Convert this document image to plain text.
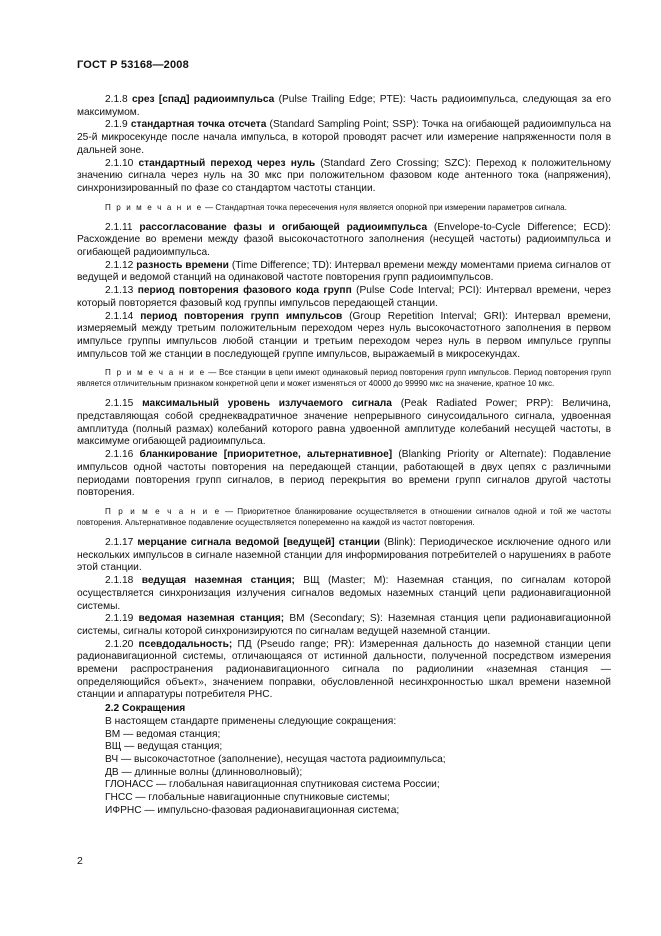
ГОСТ Р 53168—2008

2.1.8 срез [спад] радиоимпульса (Pulse Trailing Edge; PTE): Часть радиоимпульса, следующая за его максимумом.

2.1.9 стандартная точка отсчета (Standard Sampling Point; SSP): Точка на огибающей радиоимпульса на 25-й микросекунде после начала импульса, в которой проводят расчет или измерение напряженности поля в дальней зоне.

2.1.10 стандартный переход через нуль (Standard Zero Crossing; SZC): Переход к положительному значению сигнала через нуль на 30 мкс при положительном фазовом коде антенного тока (напряжения), синхронизированный по фазе со стандартом частоты станции.

П р и м е ч а н и е — Стандартная точка пересечения нуля является опорной при измерении параметров сигнала.

2.1.11 рассогласование фазы и огибающей радиоимпульса (Envelope-to-Cycle Difference; ECD): Расхождение во времени между фазой высокочастотного заполнения (несущей частоты) радиоимпульса и огибающей радиоимпульса.

2.1.12 разность времени (Time Difference; TD): Интервал времени между моментами приема сигналов от ведущей и ведомой станций на одинаковой частоте повторения групп радиоимпульсов.

2.1.13 период повторения фазового кода групп (Pulse Code Interval; PCI): Интервал времени, через который повторяется фазовый код группы импульсов передающей станции.

2.1.14 период повторения групп импульсов (Group Repetition Interval; GRI): Интервал времени, измеряемый между третьим положительным переходом через нуль высокочастотного заполнения в первом импульсе группы импульсов любой станции и третьим переходом через нуль в первом импульсе группы импульсов той же станции в последующей группе импульсов, выражаемый в микросекундах.

П р и м е ч а н и е — Все станции в цепи имеют одинаковый период повторения групп импульсов. Период повторения групп является отличительным признаком конкретной цепи и может изменяться от 40000 до 99990 мкс на значение, кратное 10 мкс.

2.1.15 максимальный уровень излучаемого сигнала (Peak Radiated Power; PRP): Величина, представляющая собой среднеквадратичное значение непрерывного синусоидального сигнала, удвоенная амплитуда (полный размах) колебаний которого равна удвоенной амплитуде колебаний несущей частоты, в максимуме огибающей радиоимпульса.

2.1.16 бланкирование [приоритетное, альтернативное] (Blanking Priority or Alternate): Подавление импульсов одной частоты повторения на передающей станции, работающей в двух цепях с различными периодами повторения групп сигналов, в период перекрытия во времени групп сигналов другой частоты повторения.

П р и м е ч а н и е — Приоритетное бланкирование осуществляется в отношении сигналов одной и той же частоты повторения. Альтернативное подавление осуществляется попеременно на каждой из частот повторения.

2.1.17 мерцание сигнала ведомой [ведущей] станции (Blink): Периодическое исключение одного или нескольких импульсов в сигнале наземной станции для информирования потребителей о нарушениях в работе этой станции.

2.1.18 ведущая наземная станция; ВЩ (Master; M): Наземная станция, по сигналам которой осуществляется синхронизация излучения сигналов ведомых наземных станций цепи радионавигационной системы.

2.1.19 ведомая наземная станция; ВМ (Secondary; S): Наземная станция цепи радионавигационной системы, сигналы которой синхронизируются по сигналам ведущей наземной станции.

2.1.20 псевдодальность; ПД (Pseudo range; PR): Измеренная дальность до наземной станции цепи радионавигационной системы, отличающаяся от истинной дальности, полученной посредством измерения времени распространения радионавигационного сигнала по радиолинии «наземная станция — определяющийся объект», значением поправки, обусловленной несинхронностью шкал времени наземной станции и аппаратуры потребителя РНС.

2.2 Сокращения

В настоящем стандарте применены следующие сокращения:

ВМ — ведомая станция;

ВЩ — ведущая станция;

ВЧ — высокочастотное (заполнение), несущая частота радиоимпульса;

ДВ — длинные волны (длинноволновый);

ГЛОНАСС — глобальная навигационная спутниковая система России;

ГНСС — глобальные навигационные спутниковые системы;

ИФРНС — импульсно-фазовая радионавигационная система;

2
